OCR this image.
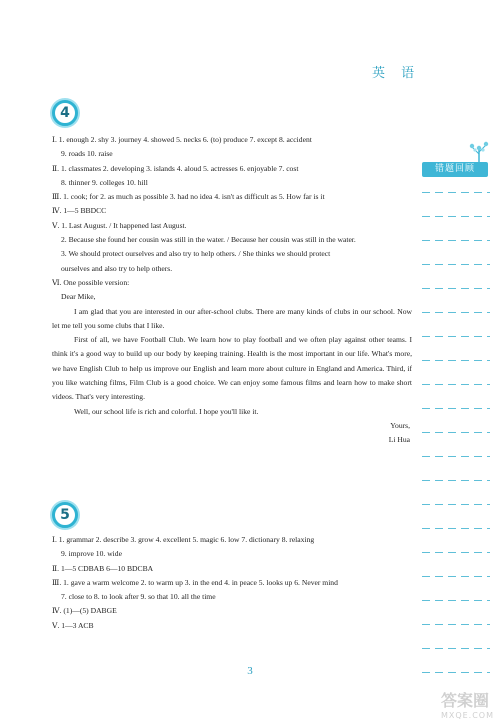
英 语
4
Ⅰ. 1. enough 2. shy 3. journey 4. showed 5. necks 6. (to) produce 7. except 8. accident
9. roads 10. raise
Ⅱ. 1. classmates 2. developing 3. islands 4. aloud 5. actresses 6. enjoyable 7. cost
8. thinner 9. colleges 10. hill
Ⅲ. 1. cook; for 2. as much as possible 3. had no idea 4. isn't as difficult as 5. How far is it
Ⅳ. 1—5 BBDCC
Ⅴ. 1. Last August. / It happened last August.
2. Because she found her cousin was still in the water. / Because her cousin was still in the water.
3. We should protect ourselves and also try to help others. / She thinks we should protect
ourselves and also try to help others.
Ⅵ. One possible version:
Dear Mike,
I am glad that you are interested in our after-school clubs. There are many kinds of clubs in our school. Now let me tell you some clubs that I like.
First of all, we have Football Club. We learn how to play football and we often play against other teams. I think it's a good way to build up our body by keeping training. Health is the most important in our life. What's more, we have English Club to help us improve our English and learn more about culture in England and America. Third, if you like watching films, Film Club is a good choice. We can enjoy some famous films and learn how to make short videos. That's very interesting.
Well, our school life is rich and colorful. I hope you'll like it.
Yours,
Li Hua
5
Ⅰ. 1. grammar 2. describe 3. grow 4. excellent 5. magic 6. low 7. dictionary 8. relaxing
9. improve 10. wide
Ⅱ. 1—5 CDBAB 6—10 BDCBA
Ⅲ. 1. gave a warm welcome 2. to warm up 3. in the end 4. in peace 5. looks up 6. Never mind
7. close to 8. to look after 9. so that 10. all the time
Ⅳ. (1)—(5) DABGE
Ⅴ. 1—3 ACB
错题回顾
3
答案圈
MXQE.COM
